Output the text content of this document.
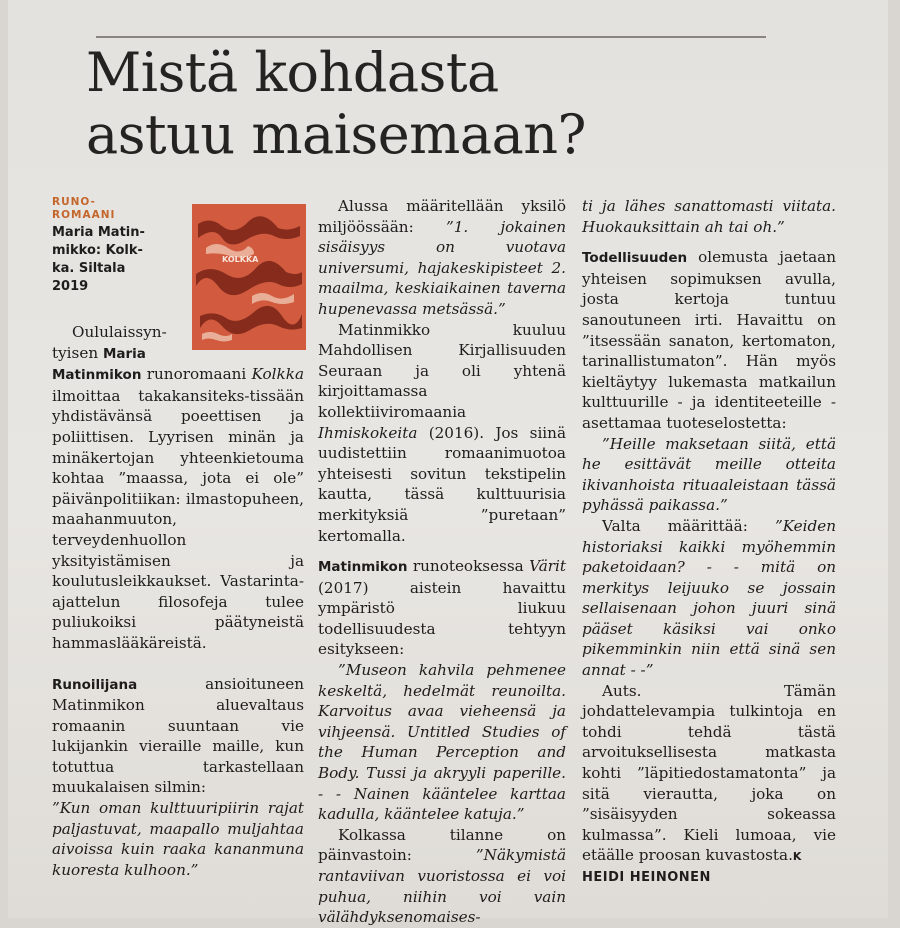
Mistä kohdasta
astuu maisemaan?
KOLKKA
RUNO-
ROMAANI
Maria Matin-
mikko: Kolk-
ka. Siltala
2019

Oululaissyn- tyisen Maria

Matinmikon runoromaani Kolkka ilmoittaa takakansiteks-tissään yhdistävänsä poeettisen ja poliittisen. Lyyrisen minän ja minäkertojan yhteenkietouma kohtaa ”maassa, jota ei ole” päivänpolitiikan: ilmastopuheen, maahanmuuton, terveydenhuollon yksityistämisen ja koulutusleikkaukset. Vastarinta-ajattelun filosofeja tulee puliukoiksi päätyneistä hammaslääkäreistä.

Runoilijana ansioituneen Matinmikon aluevaltaus romaanin suuntaan vie lukijankin vieraille maille, kun totuttua tarkastellaan muukalaisen silmin:

”Kun oman kulttuuripiirin rajat paljastuvat, maapallo muljahtaa aivoissa kuin raaka kananmuna kuoresta kulhoon.”

Alussa määritellään yksilö miljöössään: ”1. jokainen sisäisyys on vuotava universumi, hajakeskipisteet 2. maailma, keskiaikainen taverna hupenevassa metsässä.”

Matinmikko kuuluu Mahdollisen Kirjallisuuden Seuraan ja oli yhtenä kirjoittamassa kollektiiviromaania Ihmiskokeita (2016). Jos siinä uudistettiin romaanimuotoa yhteisesti sovitun tekstipelin kautta, tässä kulttuurisia merkityksiä ”puretaan” kertomalla.

Matinmikon runoteoksessa Värit (2017) aistein havaittu ympäristö liukuu todellisuudesta tehtyyn esitykseen:

”Museon kahvila pehmenee keskeltä, hedelmät reunoilta. Karvoitus avaa vieheensä ja vihjeensä. Untitled Studies of the Human Perception and Body. Tussi ja akryyli paperille. - - Nainen kääntelee karttaa kadulla, kääntelee katuja.”

Kolkassa tilanne on päinvastoin: ”Näkymistä rantaviivan vuoristossa ei voi puhua, niihin voi vain välähdyksenomaises-

ti ja lähes sanattomasti viitata. Huokauksittain ah tai oh.”

Todellisuuden olemusta jaetaan yhteisen sopimuksen avulla, josta kertoja tuntuu sanoutuneen irti. Havaittu on ”itsessään sanaton, kertomaton, tarinallistumaton”. Hän myös kieltäytyy lukemasta matkailun kulttuurille - ja identiteeteille - asettamaa tuoteselostetta:

”Heille maksetaan siitä, että he esittävät meille otteita ikivanhoista rituaaleistaan tässä pyhässä paikassa.”

Valta määrittää: ”Keiden historiaksi kaikki myöhemmin paketoidaan? - - mitä on merkitys leijuuko se jossain sellaisenaan johon juuri sinä pääset käsiksi vai onko pikemminkin niin että sinä sen annat - -”

Auts. Tämän johdattelevampia tulkintoja en tohdi tehdä tästä arvoituksellisesta matkasta kohti ”läpitiedostamatonta” ja sitä vierautta, joka on ”sisäisyyden sokeassa kulmassa”. Kieli lumoaa, vie etäälle proosan kuvastosta.K

HEIDI HEINONEN
